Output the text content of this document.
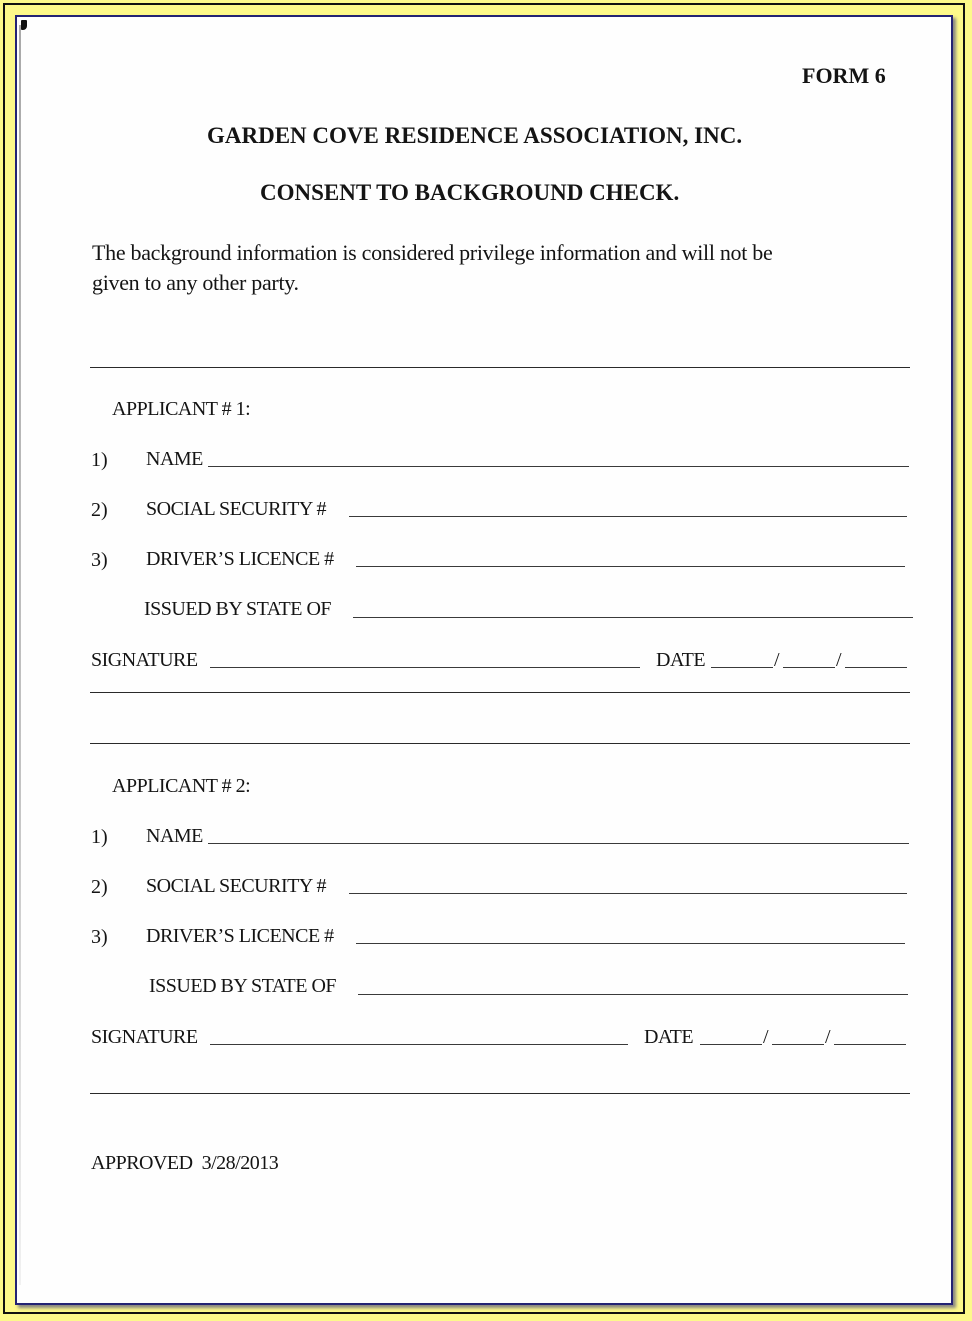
FORM 6
GARDEN COVE RESIDENCE ASSOCIATION, INC.
CONSENT TO BACKGROUND CHECK.
The background information is considered privilege information and will not be
given to any other party.
APPLICANT # 1:
1) NAME
2) SOCIAL SECURITY #
3) DRIVER’S LICENCE #
ISSUED BY STATE OF
SIGNATURE	DATE	/	/
APPLICANT # 2:
1) NAME
2) SOCIAL SECURITY #
3) DRIVER’S LICENCE #
ISSUED BY STATE OF
SIGNATURE	DATE	/	/
APPROVED  3/28/2013
